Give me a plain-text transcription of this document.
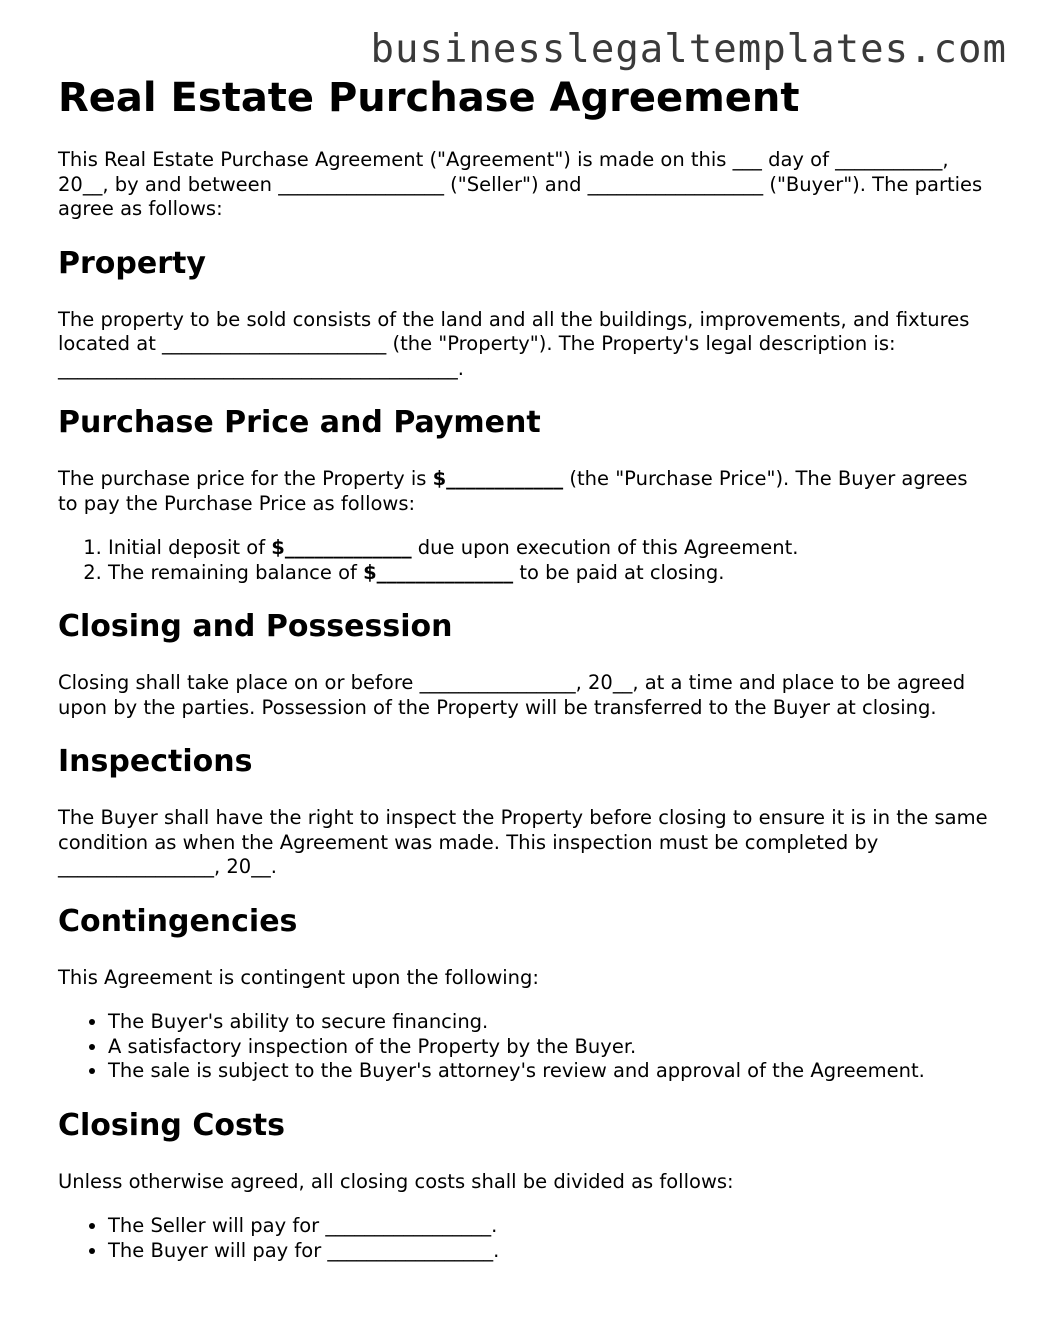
businesslegaltemplates.com
Real Estate Purchase Agreement

This Real Estate Purchase Agreement ("Agreement") is made on this ___ day of ___________, 20__, by and between _________________ ("Seller") and __________________ ("Buyer"). The parties agree as follows:

Property

The property to be sold consists of the land and all the buildings, improvements, and fixtures located at _______________________ (the "Property"). The Property's legal description is: _________________________________________.

Purchase Price and Payment

The purchase price for the Property is $____________ (the "Purchase Price"). The Buyer agrees to pay the Purchase Price as follows:

1. Initial deposit of $_____________ due upon execution of this Agreement.
2. The remaining balance of $______________ to be paid at closing.
Closing and Possession

Closing shall take place on or before ________________, 20__, at a time and place to be agreed upon by the parties. Possession of the Property will be transferred to the Buyer at closing.

Inspections

The Buyer shall have the right to inspect the Property before closing to ensure it is in the same condition as when the Agreement was made. This inspection must be completed by ________________, 20__.

Contingencies

This Agreement is contingent upon the following:

• The Buyer's ability to secure financing.
• A satisfactory inspection of the Property by the Buyer.
• The sale is subject to the Buyer's attorney's review and approval of the Agreement.
Closing Costs

Unless otherwise agreed, all closing costs shall be divided as follows:

• The Seller will pay for _________________.
• The Buyer will pay for _________________.
